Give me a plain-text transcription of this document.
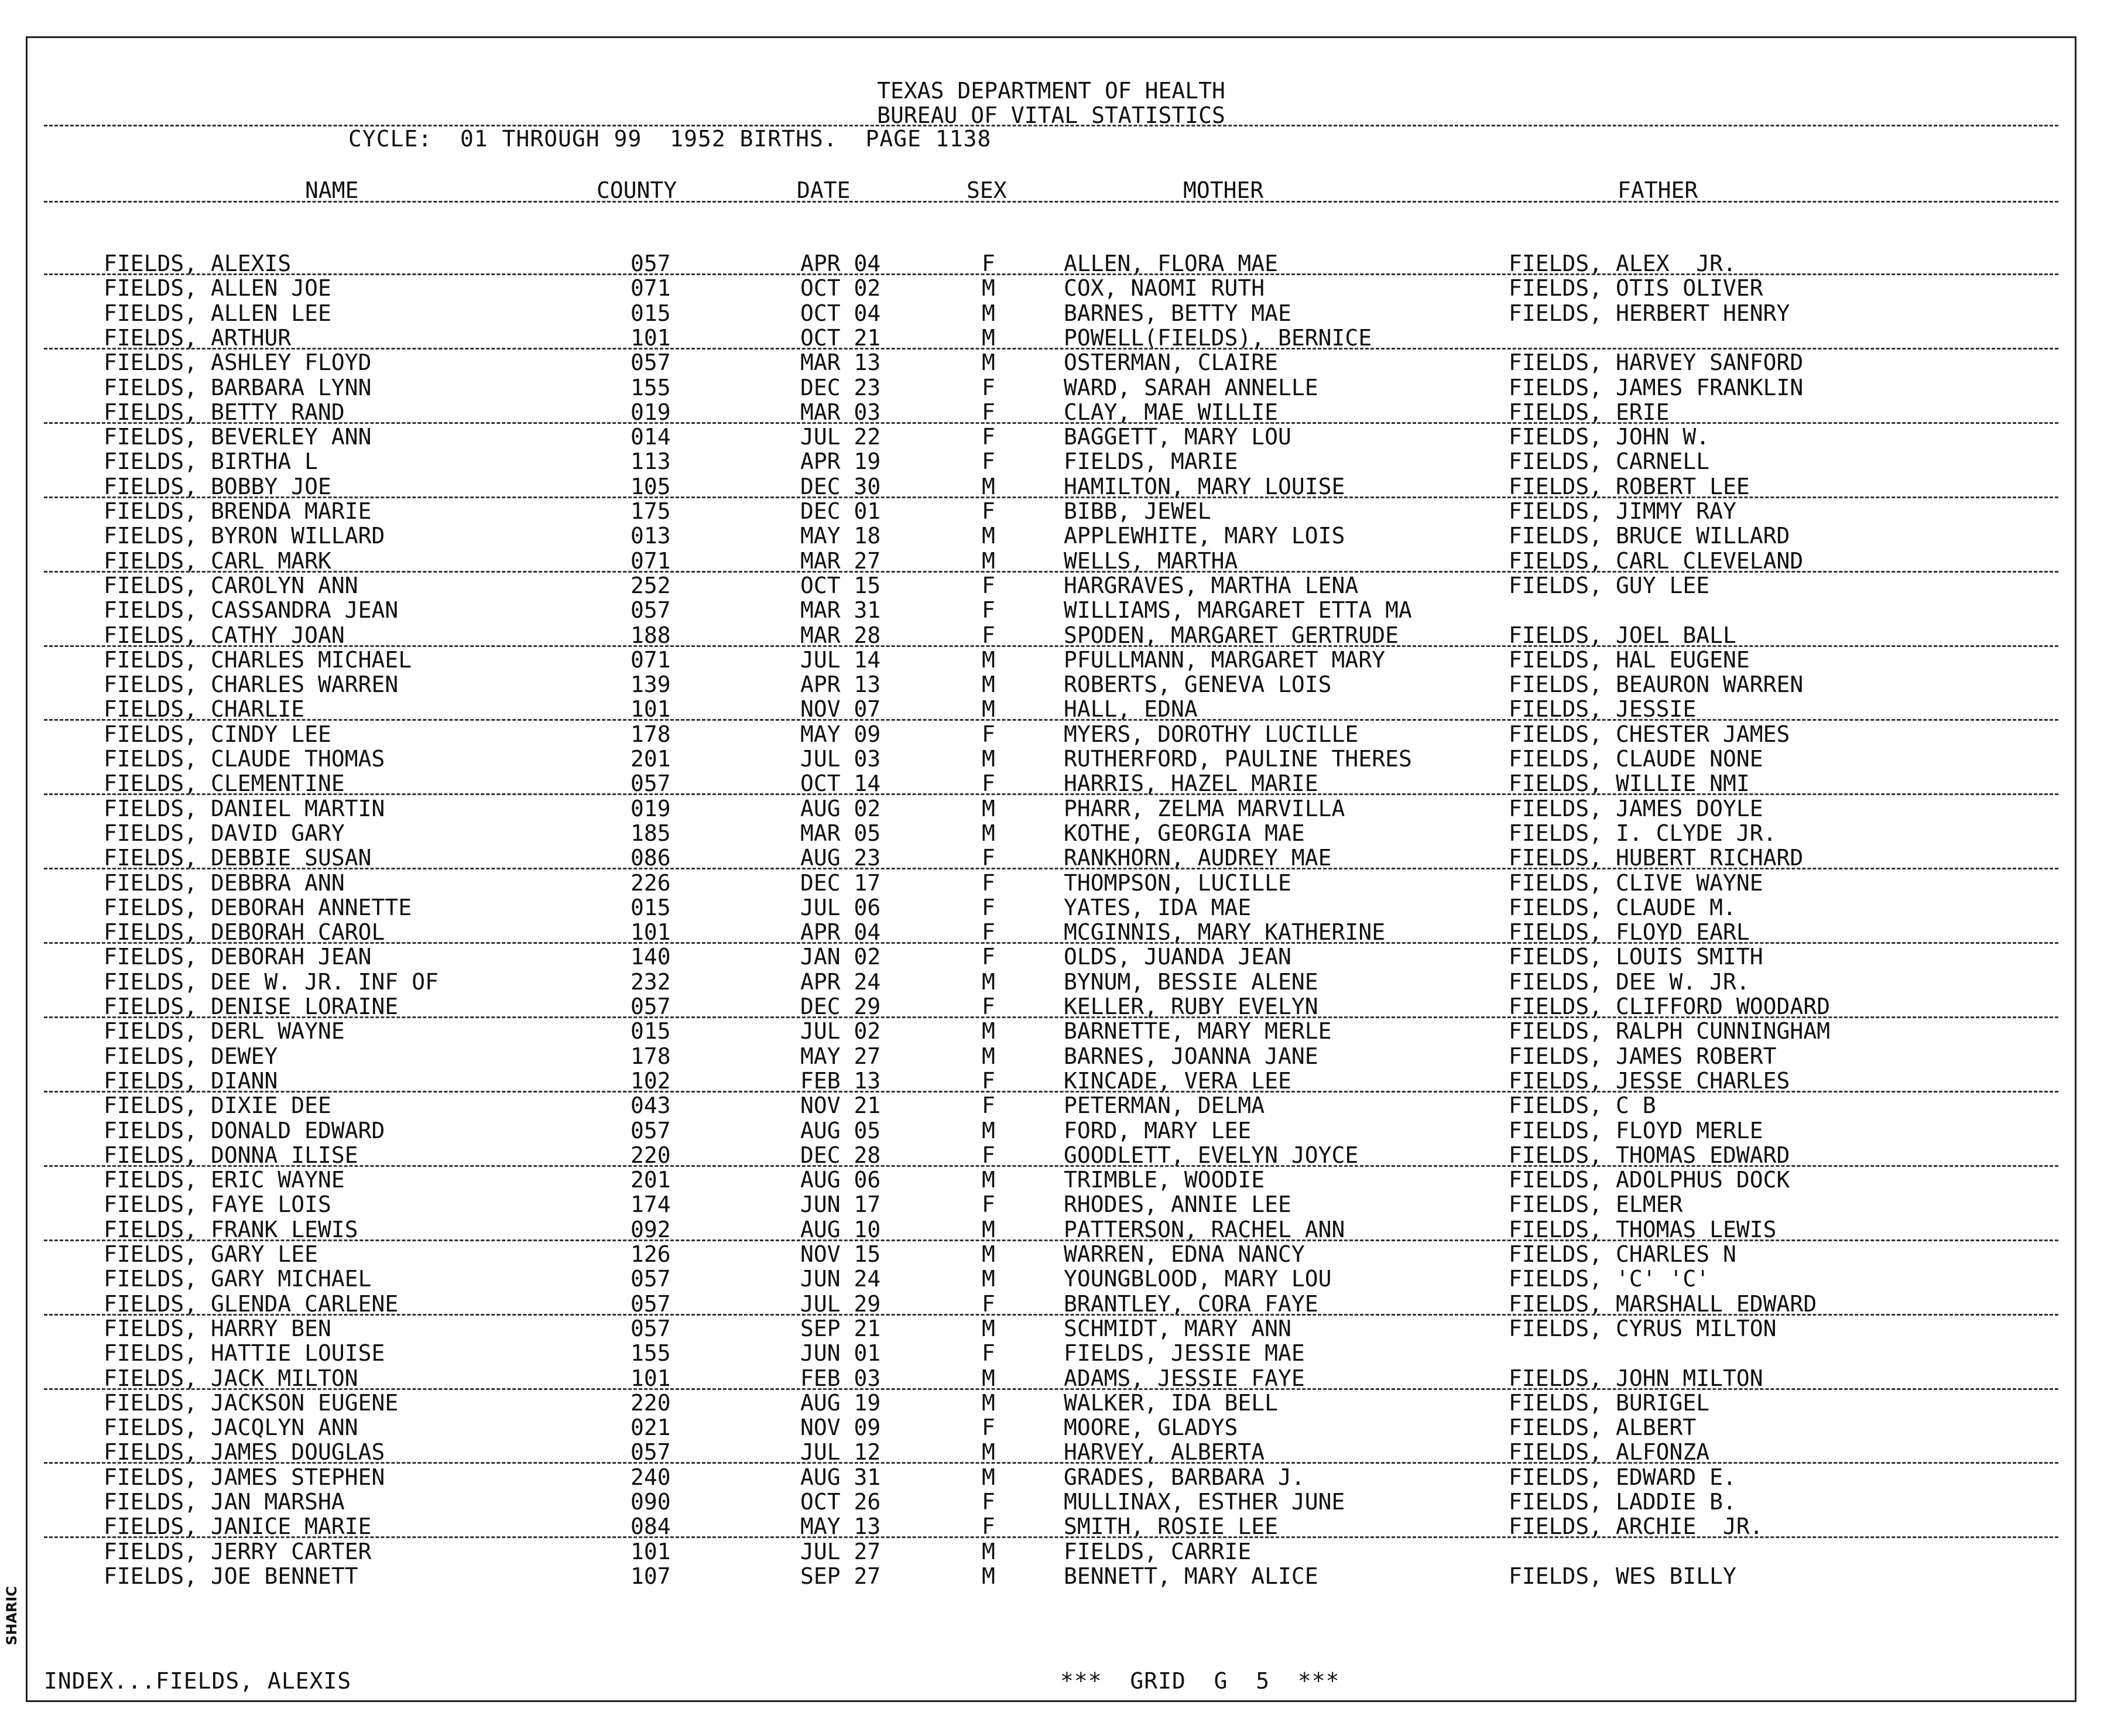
TEXAS DEPARTMENT OF HEALTH
BUREAU OF VITAL STATISTICS
CYCLE:  01 THROUGH 99  1952 BIRTHS.  PAGE 1138
NAME	COUNTY	DATE	SEX	MOTHER	FATHER
FIELDS, ALEXIS	057	APR 04	F	ALLEN, FLORA MAE	FIELDS, ALEX  JR.
FIELDS, ALLEN JOE	071	OCT 02	M	COX, NAOMI RUTH	FIELDS, OTIS OLIVER
FIELDS, ALLEN LEE	015	OCT 04	M	BARNES, BETTY MAE	FIELDS, HERBERT HENRY
FIELDS, ARTHUR	101	OCT 21	M	POWELL(FIELDS), BERNICE
FIELDS, ASHLEY FLOYD	057	MAR 13	M	OSTERMAN, CLAIRE	FIELDS, HARVEY SANFORD
FIELDS, BARBARA LYNN	155	DEC 23	F	WARD, SARAH ANNELLE	FIELDS, JAMES FRANKLIN
FIELDS, BETTY RAND	019	MAR 03	F	CLAY, MAE WILLIE	FIELDS, ERIE
FIELDS, BEVERLEY ANN	014	JUL 22	F	BAGGETT, MARY LOU	FIELDS, JOHN W.
FIELDS, BIRTHA L	113	APR 19	F	FIELDS, MARIE	FIELDS, CARNELL
FIELDS, BOBBY JOE	105	DEC 30	M	HAMILTON, MARY LOUISE	FIELDS, ROBERT LEE
FIELDS, BRENDA MARIE	175	DEC 01	F	BIBB, JEWEL	FIELDS, JIMMY RAY
FIELDS, BYRON WILLARD	013	MAY 18	M	APPLEWHITE, MARY LOIS	FIELDS, BRUCE WILLARD
FIELDS, CARL MARK	071	MAR 27	M	WELLS, MARTHA	FIELDS, CARL CLEVELAND
FIELDS, CAROLYN ANN	252	OCT 15	F	HARGRAVES, MARTHA LENA	FIELDS, GUY LEE
FIELDS, CASSANDRA JEAN	057	MAR 31	F	WILLIAMS, MARGARET ETTA MA
FIELDS, CATHY JOAN	188	MAR 28	F	SPODEN, MARGARET GERTRUDE	FIELDS, JOEL BALL
FIELDS, CHARLES MICHAEL	071	JUL 14	M	PFULLMANN, MARGARET MARY	FIELDS, HAL EUGENE
FIELDS, CHARLES WARREN	139	APR 13	M	ROBERTS, GENEVA LOIS	FIELDS, BEAURON WARREN
FIELDS, CHARLIE	101	NOV 07	M	HALL, EDNA	FIELDS, JESSIE
FIELDS, CINDY LEE	178	MAY 09	F	MYERS, DOROTHY LUCILLE	FIELDS, CHESTER JAMES
FIELDS, CLAUDE THOMAS	201	JUL 03	M	RUTHERFORD, PAULINE THERES	FIELDS, CLAUDE NONE
FIELDS, CLEMENTINE	057	OCT 14	F	HARRIS, HAZEL MARIE	FIELDS, WILLIE NMI
FIELDS, DANIEL MARTIN	019	AUG 02	M	PHARR, ZELMA MARVILLA	FIELDS, JAMES DOYLE
FIELDS, DAVID GARY	185	MAR 05	M	KOTHE, GEORGIA MAE	FIELDS, I. CLYDE JR.
FIELDS, DEBBIE SUSAN	086	AUG 23	F	RANKHORN, AUDREY MAE	FIELDS, HUBERT RICHARD
FIELDS, DEBBRA ANN	226	DEC 17	F	THOMPSON, LUCILLE	FIELDS, CLIVE WAYNE
FIELDS, DEBORAH ANNETTE	015	JUL 06	F	YATES, IDA MAE	FIELDS, CLAUDE M.
FIELDS, DEBORAH CAROL	101	APR 04	F	MCGINNIS, MARY KATHERINE	FIELDS, FLOYD EARL
FIELDS, DEBORAH JEAN	140	JAN 02	F	OLDS, JUANDA JEAN	FIELDS, LOUIS SMITH
FIELDS, DEE W. JR. INF OF	232	APR 24	M	BYNUM, BESSIE ALENE	FIELDS, DEE W. JR.
FIELDS, DENISE LORAINE	057	DEC 29	F	KELLER, RUBY EVELYN	FIELDS, CLIFFORD WOODARD
FIELDS, DERL WAYNE	015	JUL 02	M	BARNETTE, MARY MERLE	FIELDS, RALPH CUNNINGHAM
FIELDS, DEWEY	178	MAY 27	M	BARNES, JOANNA JANE	FIELDS, JAMES ROBERT
FIELDS, DIANN	102	FEB 13	F	KINCADE, VERA LEE	FIELDS, JESSE CHARLES
FIELDS, DIXIE DEE	043	NOV 21	F	PETERMAN, DELMA	FIELDS, C B
FIELDS, DONALD EDWARD	057	AUG 05	M	FORD, MARY LEE	FIELDS, FLOYD MERLE
FIELDS, DONNA ILISE	220	DEC 28	F	GOODLETT, EVELYN JOYCE	FIELDS, THOMAS EDWARD
FIELDS, ERIC WAYNE	201	AUG 06	M	TRIMBLE, WOODIE	FIELDS, ADOLPHUS DOCK
FIELDS, FAYE LOIS	174	JUN 17	F	RHODES, ANNIE LEE	FIELDS, ELMER
FIELDS, FRANK LEWIS	092	AUG 10	M	PATTERSON, RACHEL ANN	FIELDS, THOMAS LEWIS
FIELDS, GARY LEE	126	NOV 15	M	WARREN, EDNA NANCY	FIELDS, CHARLES N
FIELDS, GARY MICHAEL	057	JUN 24	M	YOUNGBLOOD, MARY LOU	FIELDS, 'C' 'C'
FIELDS, GLENDA CARLENE	057	JUL 29	F	BRANTLEY, CORA FAYE	FIELDS, MARSHALL EDWARD
FIELDS, HARRY BEN	057	SEP 21	M	SCHMIDT, MARY ANN	FIELDS, CYRUS MILTON
FIELDS, HATTIE LOUISE	155	JUN 01	F	FIELDS, JESSIE MAE
FIELDS, JACK MILTON	101	FEB 03	M	ADAMS, JESSIE FAYE	FIELDS, JOHN MILTON
FIELDS, JACKSON EUGENE	220	AUG 19	M	WALKER, IDA BELL	FIELDS, BURIGEL
FIELDS, JACQLYN ANN	021	NOV 09	F	MOORE, GLADYS	FIELDS, ALBERT
FIELDS, JAMES DOUGLAS	057	JUL 12	M	HARVEY, ALBERTA	FIELDS, ALFONZA
FIELDS, JAMES STEPHEN	240	AUG 31	M	GRADES, BARBARA J.	FIELDS, EDWARD E.
FIELDS, JAN MARSHA	090	OCT 26	F	MULLINAX, ESTHER JUNE	FIELDS, LADDIE B.
FIELDS, JANICE MARIE	084	MAY 13	F	SMITH, ROSIE LEE	FIELDS, ARCHIE  JR.
FIELDS, JERRY CARTER	101	JUL 27	M	FIELDS, CARRIE
FIELDS, JOE BENNETT	107	SEP 27	M	BENNETT, MARY ALICE	FIELDS, WES BILLY
INDEX...FIELDS, ALEXIS	***  GRID  G  5  ***
SHARIC
